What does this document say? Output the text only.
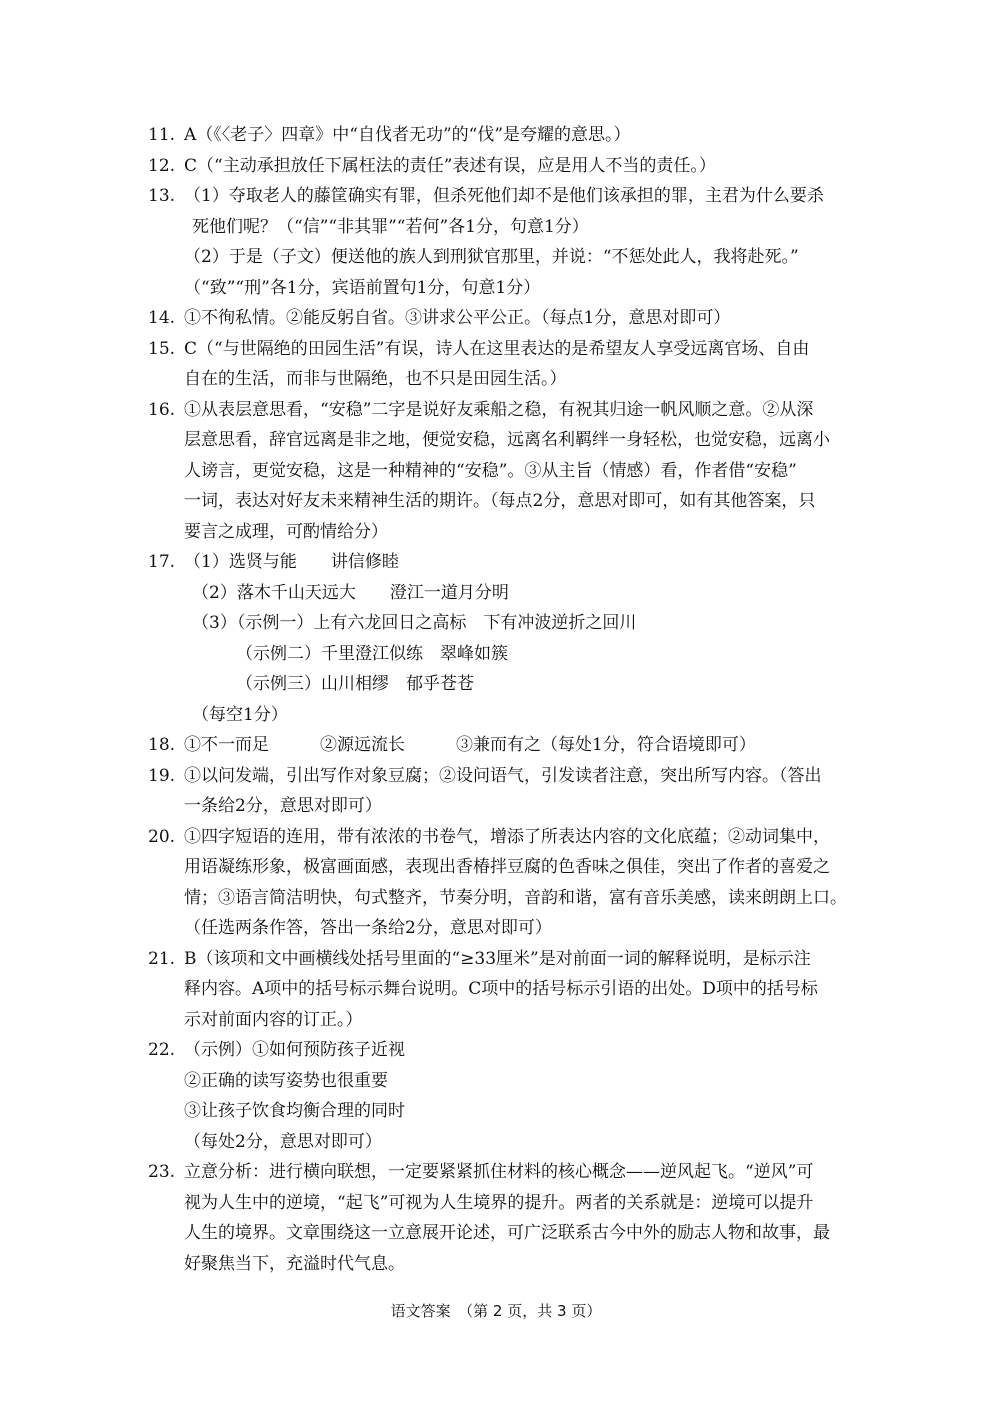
11. A（《〈老子〉四章》中“自伐者无功”的“伐”是夸耀的意思。）
12. C（“主动承担放任下属枉法的责任”表述有误，应是用人不当的责任。）
13. （1）夺取老人的藤筐确实有罪，但杀死他们却不是他们该承担的罪，主君为什么要杀
死他们呢？（“信”“非其罪”“若何”各1分，句意1分）
（2）于是（子文）便送他的族人到刑狱官那里，并说：“不惩处此人，我将赴死。”
（“致”“刑”各1分，宾语前置句1分，句意1分）
14. ①不徇私情。②能反躬自省。③讲求公平公正。（每点1分，意思对即可）
15. C（“与世隔绝的田园生活”有误，诗人在这里表达的是希望友人享受远离官场、自由
自在的生活，而非与世隔绝，也不只是田园生活。）
16. ①从表层意思看，“安稳”二字是说好友乘船之稳，有祝其归途一帆风顺之意。②从深
层意思看，辞官远离是非之地，便觉安稳，远离名利羁绊一身轻松，也觉安稳，远离小
人谤言，更觉安稳，这是一种精神的“安稳”。③从主旨（情感）看，作者借“安稳”
一词，表达对好友未来精神生活的期许。（每点2分，意思对即可，如有其他答案，只
要言之成理，可酌情给分）
17. （1）选贤与能　　讲信修睦
（2）落木千山天远大　　澄江一道月分明
（3）（示例一）上有六龙回日之高标　下有冲波逆折之回川
（示例二）千里澄江似练　翠峰如簇
（示例三）山川相缪　郁乎苍苍
（每空1分）
18. ①不一而足　　　②源远流长　　　③兼而有之（每处1分，符合语境即可）
19. ①以问发端，引出写作对象豆腐；②设问语气，引发读者注意，突出所写内容。（答出
一条给2分，意思对即可）
20. ①四字短语的连用，带有浓浓的书卷气，增添了所表达内容的文化底蕴；②动词集中，
用语凝练形象，极富画面感，表现出香椿拌豆腐的色香味之俱佳，突出了作者的喜爱之
情；③语言简洁明快，句式整齐，节奏分明，音韵和谐，富有音乐美感，读来朗朗上口。
（任选两条作答，答出一条给2分，意思对即可）
21. B（该项和文中画横线处括号里面的“≥33厘米”是对前面一词的解释说明，是标示注
释内容。A项中的括号标示舞台说明。C项中的括号标示引语的出处。D项中的括号标
示对前面内容的订正。）
22. （示例）①如何预防孩子近视
②正确的读写姿势也很重要
③让孩子饮食均衡合理的同时
（每处2分，意思对即可）
23. 立意分析：进行横向联想，一定要紧紧抓住材料的核心概念——逆风起飞。“逆风”可
视为人生中的逆境，“起飞”可视为人生境界的提升。两者的关系就是：逆境可以提升
人生的境界。文章围绕这一立意展开论述，可广泛联系古今中外的励志人物和故事，最
好聚焦当下，充溢时代气息。
语文答案　（第 2 页，共 3 页）
